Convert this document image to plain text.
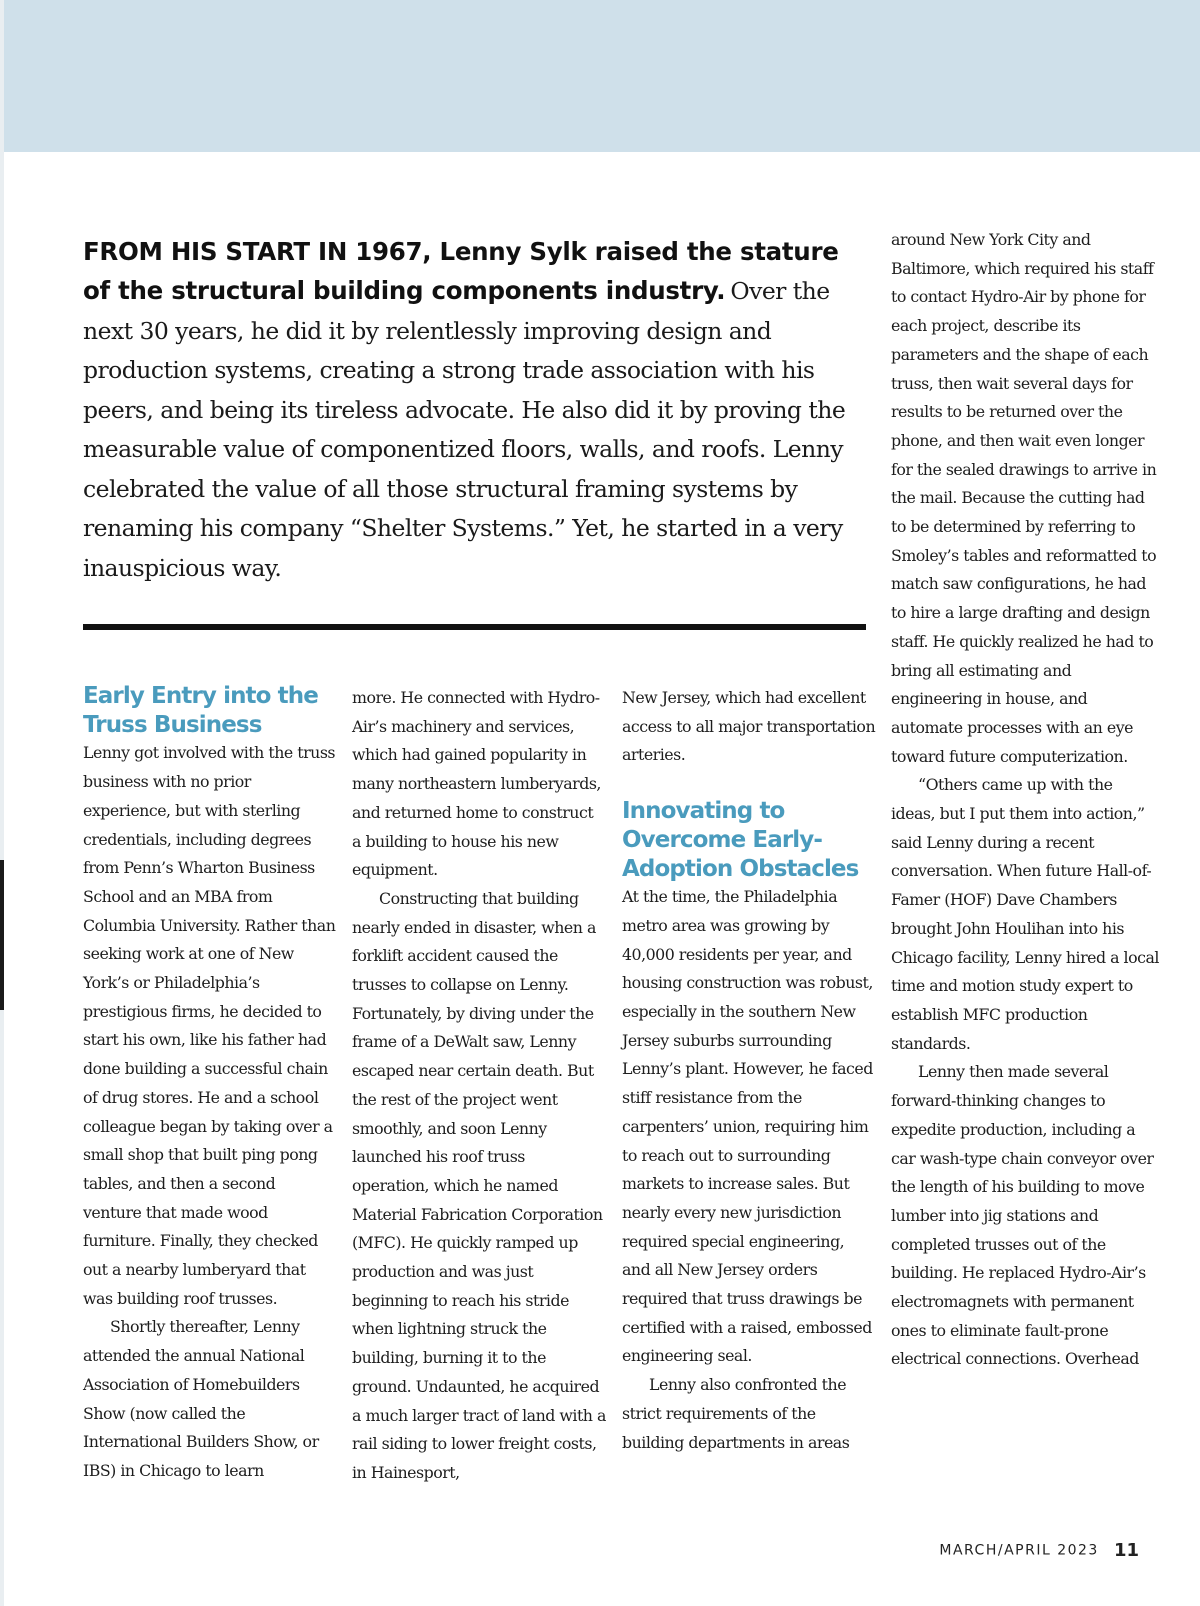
FROM HIS START IN 1967, Lenny Sylk raised the stature of the structural building components industry. Over the next 30 years, he did it by relentlessly improving design and production systems, creating a strong trade association with his peers, and being its tireless advocate. He also did it by proving the measurable value of componentized floors, walls, and roofs. Lenny celebrated the value of all those structural framing systems by renaming his company “Shelter Systems.” Yet, he started in a very inauspicious way.
Early Entry into the Truss Business

Lenny got involved with the truss business with no prior experience, but with sterling credentials, including degrees from Penn’s Wharton Business School and an MBA from Columbia University. Rather than seeking work at one of New York’s or Philadelphia’s prestigious firms, he decided to start his own, like his father had done building a successful chain of drug stores. He and a school colleague began by taking over a small shop that built ping pong tables, and then a second venture that made wood furniture. Finally, they checked out a nearby lumberyard that was building roof trusses.

Shortly thereafter, Lenny attended the annual National Association of Homebuilders Show (now called the International Builders Show, or IBS) in Chicago to learn

more. He connected with Hydro-Air’s machinery and services, which had gained popularity in many northeastern lumberyards, and returned home to construct a building to house his new equipment.

Constructing that building nearly ended in disaster, when a forklift accident caused the trusses to collapse on Lenny. Fortunately, by diving under the frame of a DeWalt saw, Lenny escaped near certain death. But the rest of the project went smoothly, and soon Lenny launched his roof truss operation, which he named Material Fabrication Corporation (MFC). He quickly ramped up production and was just beginning to reach his stride when lightning struck the building, burning it to the ground. Undaunted, he acquired a much larger tract of land with a rail siding to lower freight costs, in Hainesport,

New Jersey, which had excellent access to all major transportation arteries.

Innovating to Overcome Early-Adoption Obstacles

At the time, the Philadelphia metro area was growing by 40,000 residents per year, and housing construction was robust, especially in the southern New Jersey suburbs surrounding Lenny’s plant. However, he faced stiff resistance from the carpenters’ union, requiring him to reach out to surrounding markets to increase sales. But nearly every new jurisdiction required special engineering, and all New Jersey orders required that truss drawings be certified with a raised, embossed engineering seal.

Lenny also confronted the strict requirements of the building departments in areas

around New York City and Baltimore, which required his staff to contact Hydro-Air by phone for each project, describe its parameters and the shape of each truss, then wait several days for results to be returned over the phone, and then wait even longer for the sealed drawings to arrive in the mail. Because the cutting had to be determined by referring to Smoley’s tables and reformatted to match saw configurations, he had to hire a large drafting and design staff. He quickly realized he had to bring all estimating and engineering in house, and automate processes with an eye toward future computerization.

“Others came up with the ideas, but I put them into action,” said Lenny during a recent conversation. When future Hall-of-Famer (HOF) Dave Chambers brought John Houlihan into his Chicago facility, Lenny hired a local time and motion study expert to establish MFC production standards.

Lenny then made several forward-thinking changes to expedite production, including a car wash-type chain conveyor over the length of his building to move lumber into jig stations and completed trusses out of the building. He replaced Hydro-Air’s electromagnets with permanent ones to eliminate fault-prone electrical connections. Overhead

MARCH/APRIL 2023 11
